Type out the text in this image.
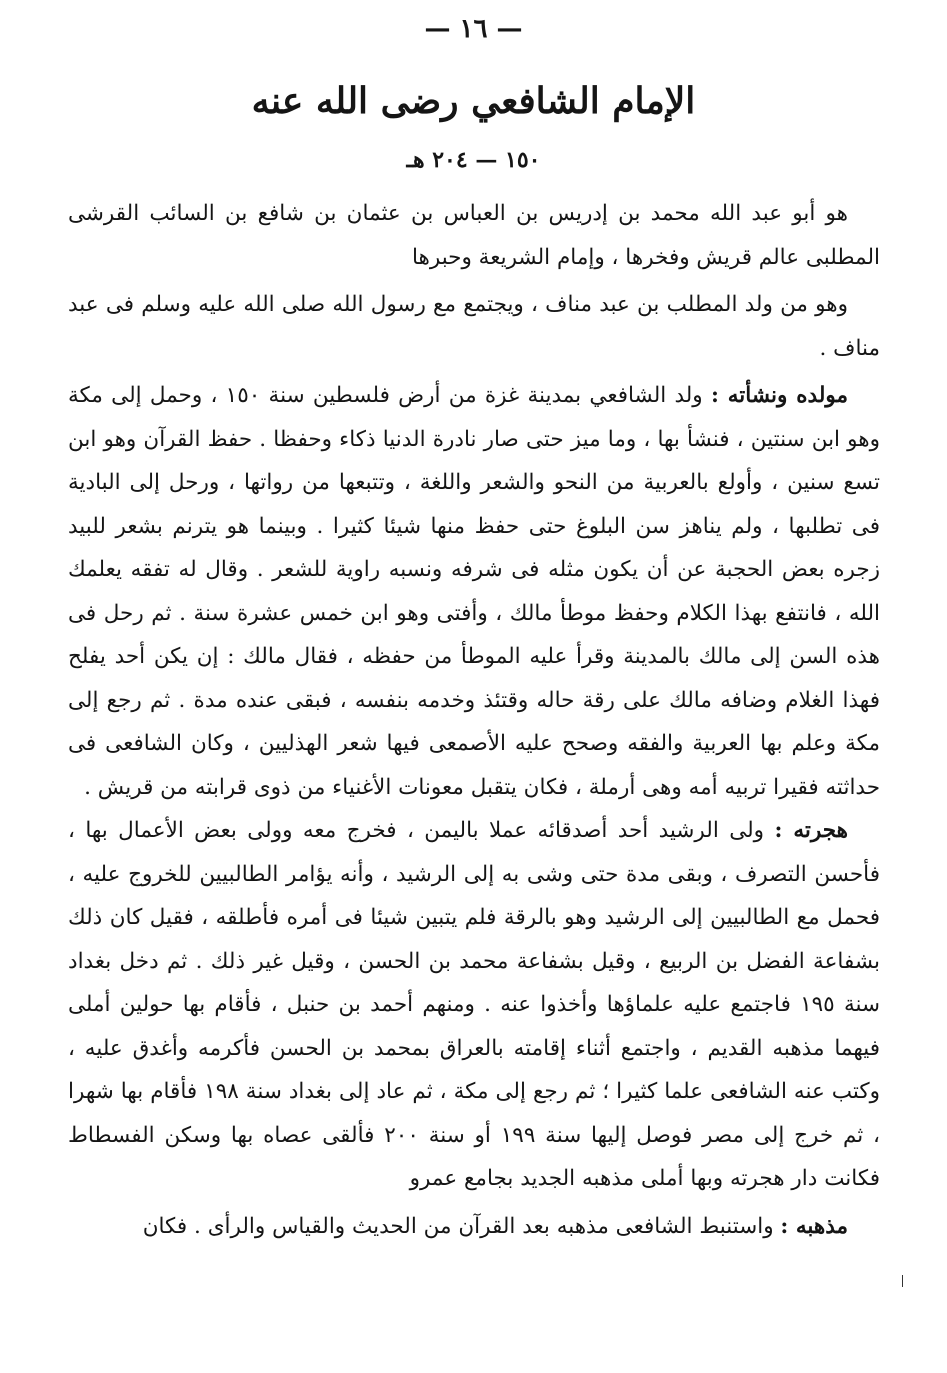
— ١٦ —
الإمام الشافعي رضى الله عنه
١٥٠ — ٢٠٤ هـ

هو أبو عبد الله محمد بن إدريس بن العباس بن عثمان بن شافع بن السائب القرشى المطلبى عالم قريش وفخرها ، وإمام الشريعة وحبرها

وهو من ولد المطلب بن عبد مناف ، ويجتمع مع رسول الله صلى الله عليه وسلم فى عبد مناف .

مولده ونشأته : ولد الشافعي بمدينة غزة من أرض فلسطين سنة ١٥٠ ، وحمل إلى مكة وهو ابن سنتين ، فنشأ بها ، وما ميز حتى صار نادرة الدنيا ذكاء وحفظا . حفظ القرآن وهو ابن تسع سنين ، وأولع بالعربية من النحو والشعر واللغة ، وتتبعها من رواتها ، ورحل إلى البادية فى تطلبها ، ولم يناهز سن البلوغ حتى حفظ منها شيئا كثيرا . وبينما هو يترنم بشعر للبيد زجره بعض الحجبة عن أن يكون مثله فى شرفه ونسبه راوية للشعر . وقال له تفقه يعلمك الله ، فانتفع بهذا الكلام وحفظ موطأ مالك ، وأفتى وهو ابن خمس عشرة سنة . ثم رحل فى هذه السن إلى مالك بالمدينة وقرأ عليه الموطأ من حفظه ، فقال مالك : إن يكن أحد يفلح فهذا الغلام وضافه مالك على رقة حاله وقتئذ وخدمه بنفسه ، فبقى عنده مدة . ثم رجع إلى مكة وعلم بها العربية والفقه وصحح عليه الأصمعى فيها شعر الهذليين ، وكان الشافعى فى حداثته فقيرا تربيه أمه وهى أرملة ، فكان يتقبل معونات الأغنياء من ذوى قرابته من قريش .

هجرته : ولى الرشيد أحد أصدقائه عملا باليمن ، فخرج معه وولى بعض الأعمال بها ، فأحسن التصرف ، وبقى مدة حتى وشى به إلى الرشيد ، وأنه يؤامر الطالبيين للخروج عليه ، فحمل مع الطالبيين إلى الرشيد وهو بالرقة فلم يتبين شيئا فى أمره فأطلقه ، فقيل كان ذلك بشفاعة الفضل بن الربيع ، وقيل بشفاعة محمد بن الحسن ، وقيل غير ذلك . ثم دخل بغداد سنة ١٩٥ فاجتمع عليه علماؤها وأخذوا عنه . ومنهم أحمد بن حنبل ، فأقام بها حولين أملى فيهما مذهبه القديم ، واجتمع أثناء إقامته بالعراق بمحمد بن الحسن فأكرمه وأغدق عليه ، وكتب عنه الشافعى علما كثيرا ؛ ثم رجع إلى مكة ، ثم عاد إلى بغداد سنة ١٩٨ فأقام بها شهرا ، ثم خرج إلى مصر فوصل إليها سنة ١٩٩ أو سنة ٢٠٠ فألقى عصاه بها وسكن الفسطاط فكانت دار هجرته وبها أملى مذهبه الجديد بجامع عمرو

مذهبه : واستنبط الشافعى مذهبه بعد القرآن من الحديث والقياس والرأى . فكان
